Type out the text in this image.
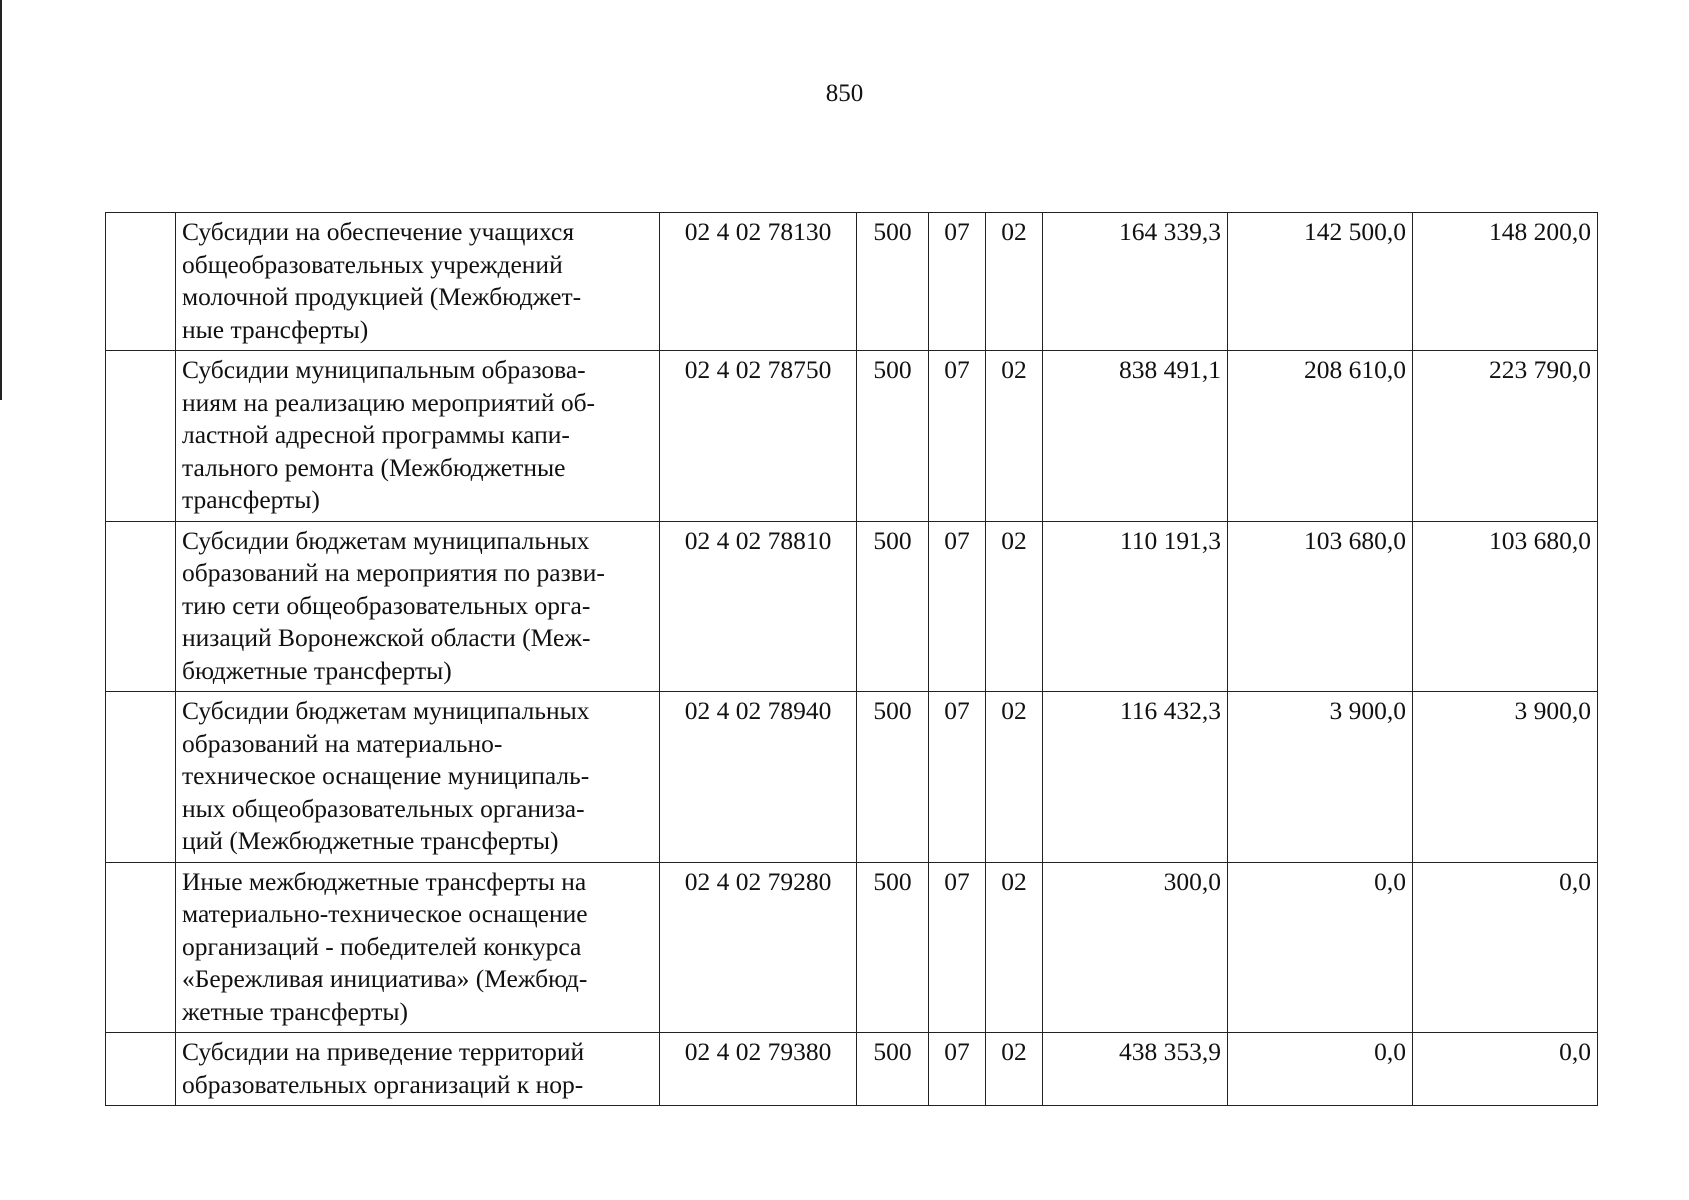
850
	Субсидии на обеспечение учащихся
общеобразовательных учреждений
молочной продукцией (Межбюджет-
ные трансферты)	02 4 02 78130	500	07	02	164 339,3	142 500,0	148 200,0
	Субсидии муниципальным образова-
ниям на реализацию мероприятий об-
ластной адресной программы капи-
тального ремонта (Межбюджетные
трансферты)	02 4 02 78750	500	07	02	838 491,1	208 610,0	223 790,0
	Субсидии бюджетам муниципальных
образований на мероприятия по разви-
тию сети общеобразовательных орга-
низаций Воронежской области (Меж-
бюджетные трансферты)	02 4 02 78810	500	07	02	110 191,3	103 680,0	103 680,0
	Субсидии бюджетам муниципальных
образований на материально-
техническое оснащение муниципаль-
ных общеобразовательных организа-
ций (Межбюджетные трансферты)	02 4 02 78940	500	07	02	116 432,3	3 900,0	3 900,0
	Иные межбюджетные трансферты на
материально-техническое оснащение
организаций - победителей конкурса
«Бережливая инициатива» (Межбюд-
жетные трансферты)	02 4 02 79280	500	07	02	300,0	0,0	0,0
	Субсидии на приведение территорий
образовательных организаций к нор-	02 4 02 79380	500	07	02	438 353,9	0,0	0,0
